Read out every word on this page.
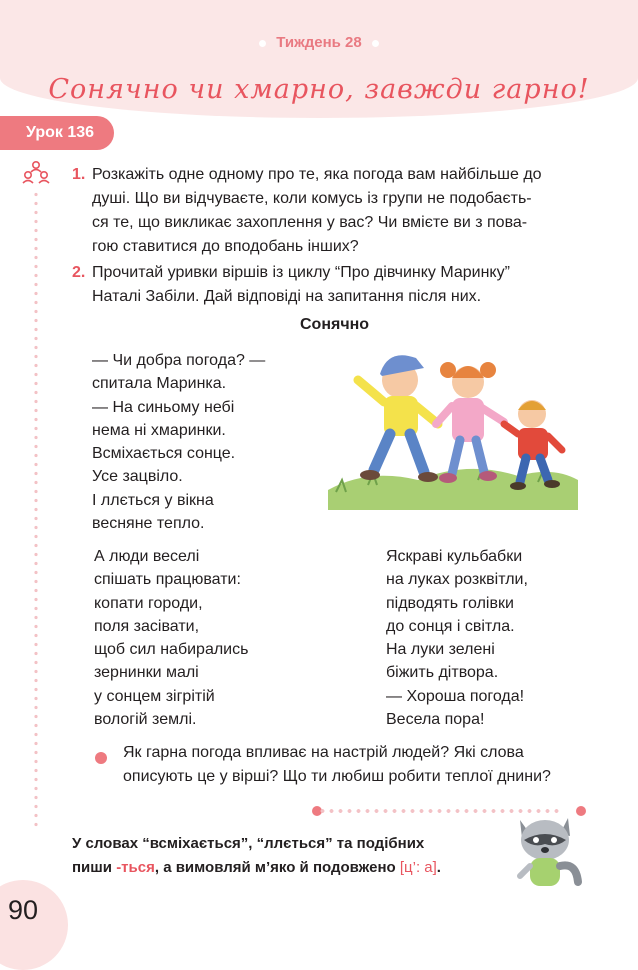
Тиждень 28
Сонячно чи хмарно, завжди гарно!
Урок 136
1. Розкажіть одне одному про те, яка погода вам найбільше до
душі. Що ви відчуваєте, коли комусь із групи не подобаєть-
ся те, що викликає захоплення у вас? Чи вмієте ви з пова-
гою ставитися до вподобань інших?
2. Прочитай уривки віршів із циклу “Про дівчинку Маринку”
Наталі Забіли. Дай відповіді на запитання після них.
Сонячно
— Чи добра погода? —
спитала Маринка.
— На синьому небі
нема ні хмаринки.
Всміхається сонце.
Усе зацвіло.
І ллється у вікна
весняне тепло.
А люди веселі
спішать працювати:
копати городи,
поля засівати,
щоб сил набирались
зернинки малі
у сонцем зігрітій
вологій землі.
Яскраві кульбабки
на луках розквітли,
підводять голівки
до сонця і світла.
На луки зелені
біжить дітвора.
— Хороша погода!
Весела пора!
Як гарна погода впливає на настрій людей? Які слова
описують це у вірші? Що ти любиш робити теплої днини?
У словах “всміхається”, “ллється” та подібних
пиши -ться, а вимовляй м’яко й подовжено [ц’: а].
90
